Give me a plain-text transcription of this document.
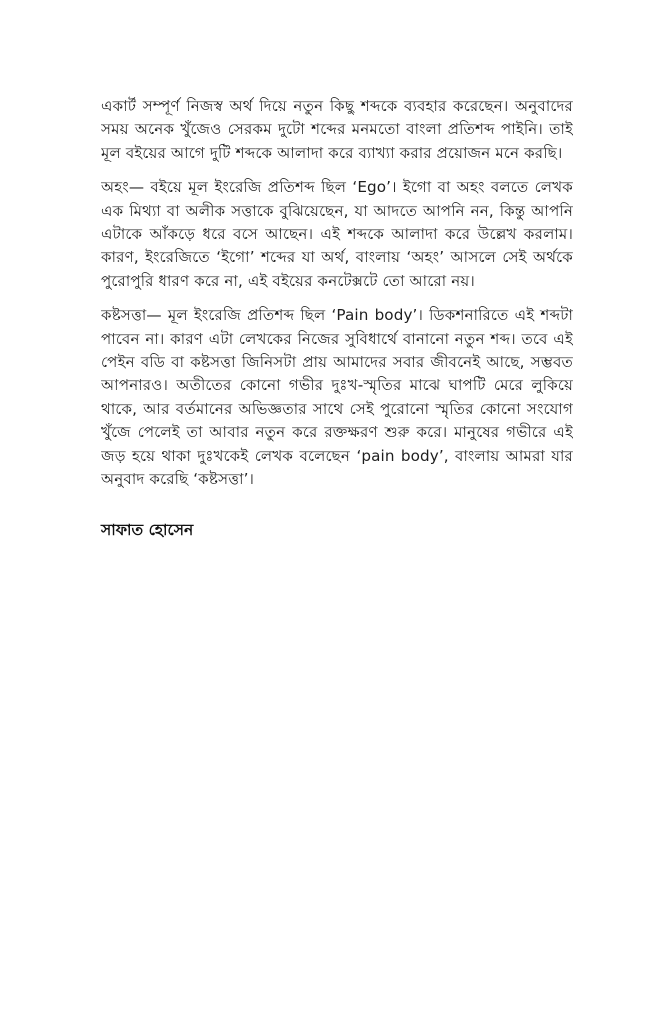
একার্ট সম্পূর্ণ নিজস্ব অর্থ দিয়ে নতুন কিছু শব্দকে ব্যবহার করেছেন। অনুবাদের
সময় অনেক খুঁজেও সেরকম দুটো শব্দের মনমতো বাংলা প্রতিশব্দ পাইনি। তাই
মূল বইয়ের আগে দুটি শব্দকে আলাদা করে ব্যাখ্যা করার প্রয়োজন মনে করছি।

অহং— বইয়ে মূল ইংরেজি প্রতিশব্দ ছিল ‘Ego’। ইগো বা অহং বলতে লেখক
এক মিথ্যা বা অলীক সত্তাকে বুঝিয়েছেন, যা আদতে আপনি নন, কিন্তু আপনি
এটাকে আঁকড়ে ধরে বসে আছেন। এই শব্দকে আলাদা করে উল্লেখ করলাম।
কারণ, ইংরেজিতে ‘ইগো’ শব্দের যা অর্থ, বাংলায় ‘অহং’ আসলে সেই অর্থকে
পুরোপুরি ধারণ করে না, এই বইয়ের কনটেক্সটে তো আরো নয়।

কষ্টসত্তা— মূল ইংরেজি প্রতিশব্দ ছিল ‘Pain body’। ডিকশনারিতে এই শব্দটা
পাবেন না। কারণ এটা লেখকের নিজের সুবিধার্থে বানানো নতুন শব্দ। তবে এই
পেইন বডি বা কষ্টসত্তা জিনিসটা প্রায় আমাদের সবার জীবনেই আছে, সম্ভবত
আপনারও। অতীতের কোনো গভীর দুঃখ-স্মৃতির মাঝে ঘাপটি মেরে লুকিয়ে
থাকে, আর বর্তমানের অভিজ্ঞতার সাথে সেই পুরোনো স্মৃতির কোনো সংযোগ
খুঁজে পেলেই তা আবার নতুন করে রক্তক্ষরণ শুরু করে। মানুষের গভীরে এই
জড় হয়ে থাকা দুঃখকেই লেখক বলেছেন ‘pain body’, বাংলায় আমরা যার
অনুবাদ করেছি ‘কষ্টসত্তা’।

সাফাত হোসেন
